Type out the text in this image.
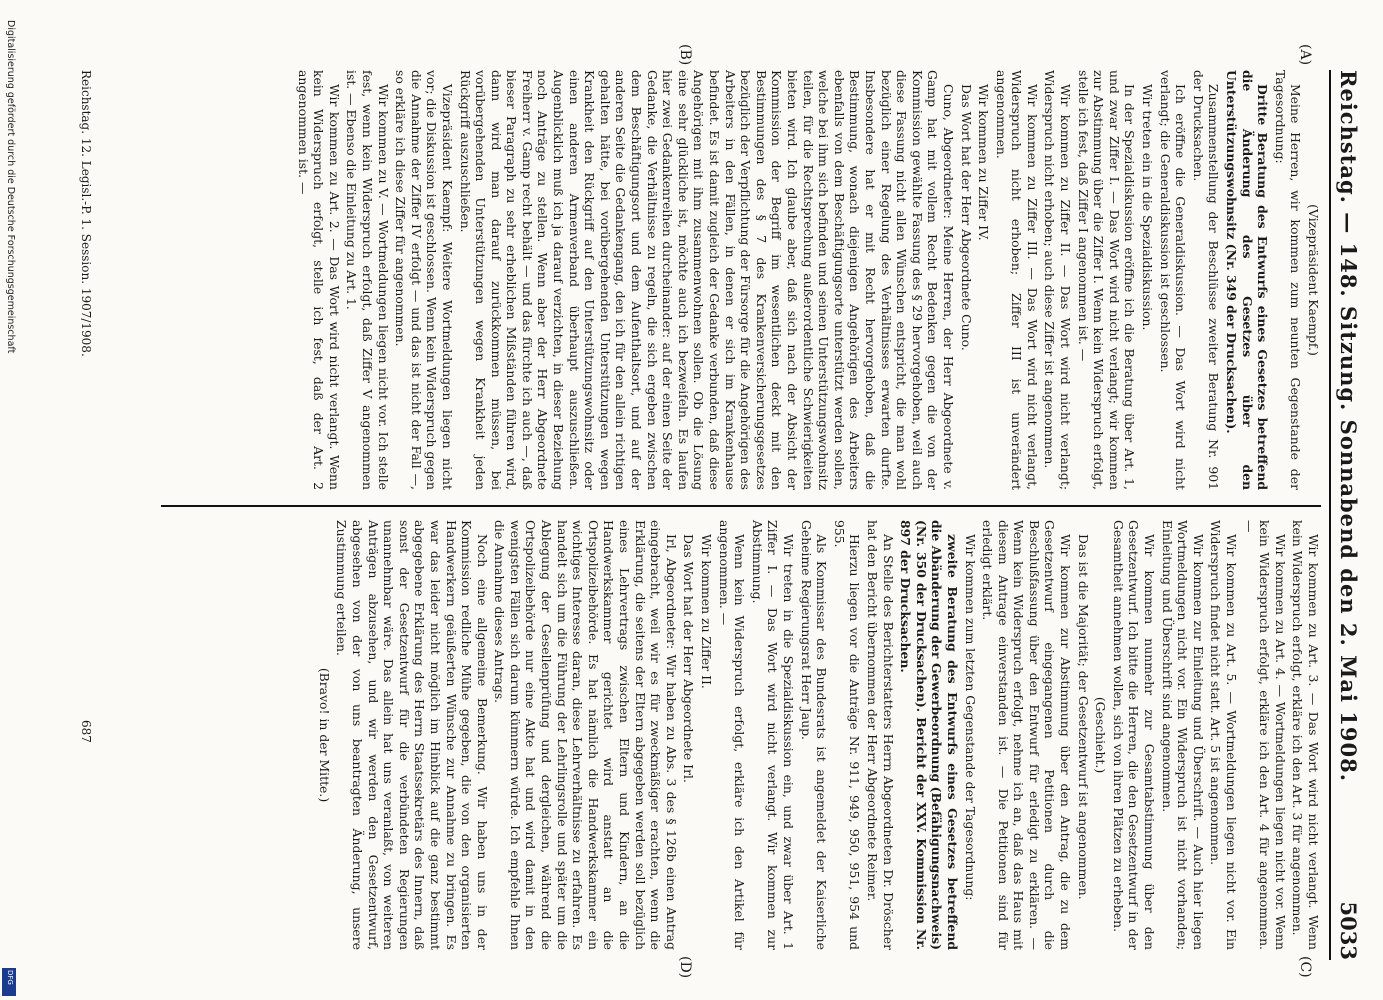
Digitalisierung gefördert durch die Deutsche Forschungsgemeinschaft
DFG
Reichstag. — 148. Sitzung. Sonnabend den 2. Mai 1908.
5033
(A)
(B)
(C)
(D)

(Vizepräsident Kaempf.)

Meine Herren, wir kommen zum neunten Gegenstande der Tagesordnung:

Dritte Beratung des Entwurfs eines Gesetzes betreffend die Änderung des Gesetzes über den Unterstützungswohnsitz (Nr. 349 der Drucksachen).

Zusammenstellung der Beschlüsse zweiter Beratung Nr. 901 der Drucksachen.

Ich eröffne die Generaldiskussion. — Das Wort wird nicht verlangt; die Generaldiskussion ist geschlossen.

Wir treten ein in die Spezialdiskussion.

In der Spezialdiskussion eröffne ich die Beratung über Art. 1, und zwar Ziffer I. — Das Wort wird nicht verlangt; wir kommen zur Abstimmung über die Ziffer I. Wenn kein Widerspruch erfolgt, stelle ich fest, daß Ziffer I angenommen ist. —

Wir kommen zu Ziffer II. — Das Wort wird nicht verlangt; Widerspruch nicht erhoben; auch diese Ziffer ist angenommen.

Wir kommen zu Ziffer III. — Das Wort wird nicht verlangt, Widerspruch nicht erhoben; Ziffer III ist unverändert angenommen.

Wir kommen zu Ziffer IV.

Das Wort hat der Herr Abgeordnete Cuno.

Cuno, Abgeordneter: Meine Herren, der Herr Abgeordnete v. Gamp hat mit vollem Recht Bedenken gegen die von der Kommission gewählte Fassung des § 29 hervorgehoben, weil auch diese Fassung nicht allen Wünschen entspricht, die man wohl bezüglich einer Regelung des Verhältnisses erwarten durfte. Insbesondere hat er mit Recht hervorgehoben, daß die Bestimmung, wonach diejenigen Angehörigen des Arbeiters ebenfalls von dem Beschäftigungsorte unterstützt werden sollen, welche bei ihm sich befinden und seinen Unterstützungswohnsitz teilen, für die Rechtsprechung außerordentliche Schwierigkeiten bieten wird. Ich glaube aber, daß sich nach der Absicht der Kommission der Begriff im wesentlichen deckt mit den Bestimmungen des § 7 des Krankenversicherungsgesetzes bezüglich der Verpflichtung der Fürsorge für die Angehörigen des Arbeiters in den Fällen, in denen er sich im Krankenhause befindet. Es ist damit zugleich der Gedanke verbunden, daß diese Angehörigen mit ihm zusammenwohnen sollen. Ob die Lösung eine sehr glückliche ist, möchte auch ich bezweifeln. Es laufen hier zwei Gedankenreihen durcheinander: auf der einen Seite der Gedanke, die Verhältnisse zu regeln, die sich ergeben zwischen dem Beschäftigungsort und dem Aufenthaltsort, und auf der anderen Seite die Gedankengang, den ich für den allein richtigen gehalten hätte, bei vorübergehenden Unterstützungen wegen Krankheit den Rückgriff auf den Unterstützungswohnsitz oder einen anderen Armenverband überhaupt auszuschließen. Augenblicklich muß ich ja darauf verzichten, in dieser Beziehung noch Anträge zu stellen. Wenn aber der Herr Abgeordnete Freiherr v. Gamp recht behält — und das fürchte ich auch —, daß bieser Paragraph zu sehr erheblichen Mißständen führen wird, dann wird man darauf zurückkommen müssen, bei vorübergehenden Unterstützungen wegen Krankheit jeden Rückgriff auszuschließen.

Vizepräsident Kaempf: Weitere Wortmeldungen liegen nicht vor; die Diskussion ist geschlossen. Wenn kein Widerspruch gegen die Annahme der Ziffer IV erfolgt — und das ist nicht der Fall —, so erkläre ich diese Ziffer für angenommen.

Wir kommen zu V. — Wortmeldungen liegen nicht vor. Ich stelle fest, wenn kein Widerspruch erfolgt, daß Ziffer V angenommen ist. — Ebenso die Einleitung zu Art. 1.

Wir kommen zu Art. 2. — Das Wort wird nicht verlangt. Wenn kein Widerspruch erfolgt, stelle ich fest, daß der Art. 2 angenommen ist. —

Wir kommen zu Art. 3. — Das Wort wird nicht verlangt. Wenn kein Widerspruch erfolgt, erkläre ich den Art. 3 für angenommen.

Wir kommen zu Art. 4. — Wortmeldungen liegen nicht vor. Wenn kein Widerspruch erfolgt, erkläre ich den Art. 4 für angenommen. —

Wir kommen zu Art. 5. — Wortmeldungen liegen nicht vor. Ein Widerspruch findet nicht statt. Art. 5 ist angenommen.

Wir kommen zur Einleitung und Überschrift. — Auch hier liegen Wortmeldungen nicht vor. Ein Widerspruch ist nicht vorhanden; Einleitung und Überschrift sind angenommen.

Wir kommen nunmehr zur Gesamtabstimmung über den Gesetzentwurf. Ich bitte die Herren, die den Gesetzentwurf in der Gesamtheit annehmen wollen, sich von ihren Plätzen zu erheben.

(Geschieht.)

Das ist die Majorität; der Gesetzentwurf ist angenommen.

Wir kommen zur Abstimmung über den Antrag, die zu dem Gesetzentwurf eingegangenen Petitionen durch die Beschlußfassung über den Entwurf für erledigt zu erklären. — Wenn kein Widerspruch erfolgt, nehme ich an, daß das Haus mit diesem Antrage einverstanden ist. — Die Petitionen sind für erledigt erklärt.

Wir kommen zum letzten Gegenstande der Tagesordnung:

zweite Beratung des Entwurfs eines Gesetzes betreffend die Abänderung der Gewerbeordnung (Befähigungsnachweis) (Nr. 350 der Drucksachen). Bericht der XXV. Kommission Nr. 897 der Drucksachen.

An Stelle des Berichterstatters Herrn Abgeordneten Dr. Dröscher hat den Bericht übernommen der Herr Abgeordnete Reimer.

Hierzu liegen vor die Anträge Nr. 911, 949, 950, 951, 954 und 955.

Als Kommissar des Bundesrats ist angemeldet der Kaiserliche Geheime Regierungsrat Herr Jaup.

Wir treten in die Spezialdiskussion ein, und zwar über Art. 1 Ziffer I. — Das Wort wird nicht verlangt. Wir kommen zur Abstimmung.

Wenn kein Widerspruch erfolgt, erkläre ich den Artikel für angenommen. —

Wir kommen zu Ziffer II.

Das Wort hat der Herr Abgeordnete Irl.

Irl, Abgeordneter: Wir haben zu Abs. 3 des § 126b einen Antrag eingebracht, weil wir es für zweckmäßiger erachten, wenn die Erklärung, die seitens der Eltern abgegeben werden soll bezüglich eines Lehrvertrags zwischen Eltern und Kindern, an die Handwerkskammer gerichtet wird anstatt an die Ortspolizeibehörde. Es hat nämlich die Handwerkskammer ein wichtiges Interesse daran, diese Lehrverhältnisse zu erfahren. Es handelt sich um die Führung der Lehrlingsrolle und später um die Ablegung der Gesellenprüfung und dergleichen, während die Ortspolizeibehörde nur eine Akte hat und wird damit in den wenigsten Fällen sich darum kümmern würde. Ich empfehle Ihnen die Annahme dieses Antrags.

Noch eine allgemeine Bemerkung. Wir haben uns in der Kommission redliche Mühe gegeben, die von den organisierten Handwerkern geäußerten Wünsche zur Annahme zu bringen. Es war das leider nicht möglich im Hinblick auf die ganz bestimmt abgegebene Erklärung des Herrn Staatssekretärs des Innern, daß sonst der Gesetzentwurf für die verbündeten Regierungen unannehmbar wäre. Das allein hat uns veranlaßt, von weiteren Anträgen abzusehen, und wir werden den Gesetzentwurf, abgesehen von der von uns beantragten Änderung, unsere Zustimmung erteilen.

(Bravo! in der Mitte.)

Reichstag. 12. Legisl.-P. 1. Session. 1907/1908.
687
